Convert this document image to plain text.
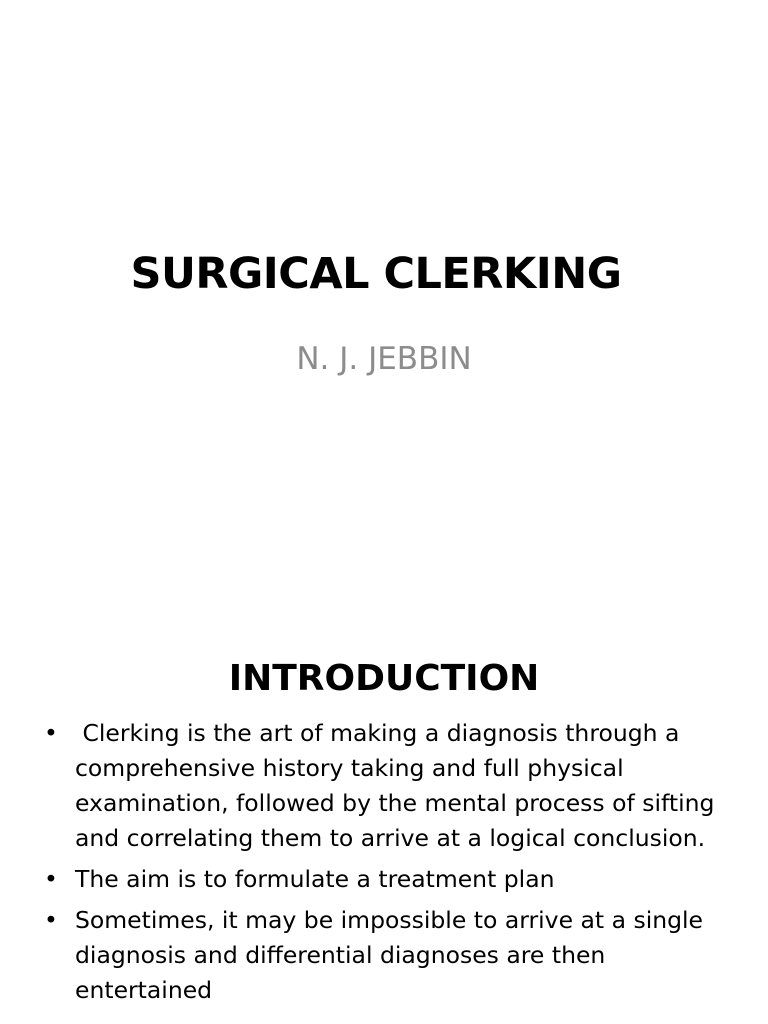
SURGICAL CLERKING
N. J. JEBBIN
INTRODUCTION
•
Clerking is the art of making a diagnosis through a comprehensive history taking and full physical examination, followed by the mental process of sifting and correlating them to arrive at a logical conclusion.
•
The aim is to formulate a treatment plan
•
Sometimes, it may be impossible to arrive at a single diagnosis and differential diagnoses are then entertained
